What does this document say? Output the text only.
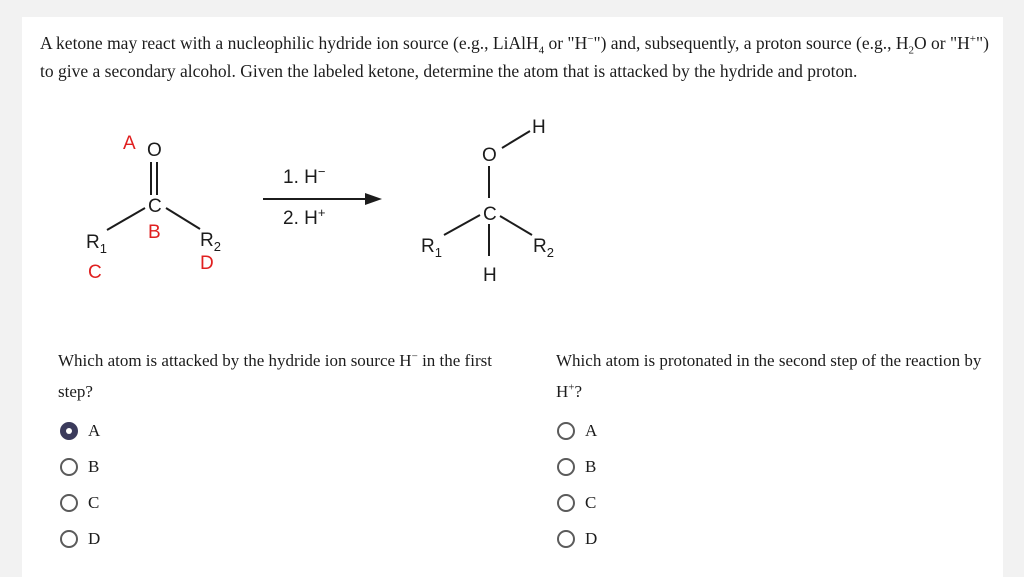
A ketone may react with a nucleophilic hydride ion source (e.g., LiAlH$_4$ or "H−") and, subsequently, a proton source (e.g., $H_2O$ or "H+") to give a secondary alcohol. Given the labeled ketone, determine the atom that is attacked by the hydride and proton.
A O
C
B
$R_1$
C
$R_2$
D
1. H−
2. H+
H
O
C
$R_1$	$R_2$
H
Which atom is attacked by the hydride ion source H− in the first step?
Which atom is protonated in the second step of the reaction by H+?
A
B
C
D
A
B
C
D
